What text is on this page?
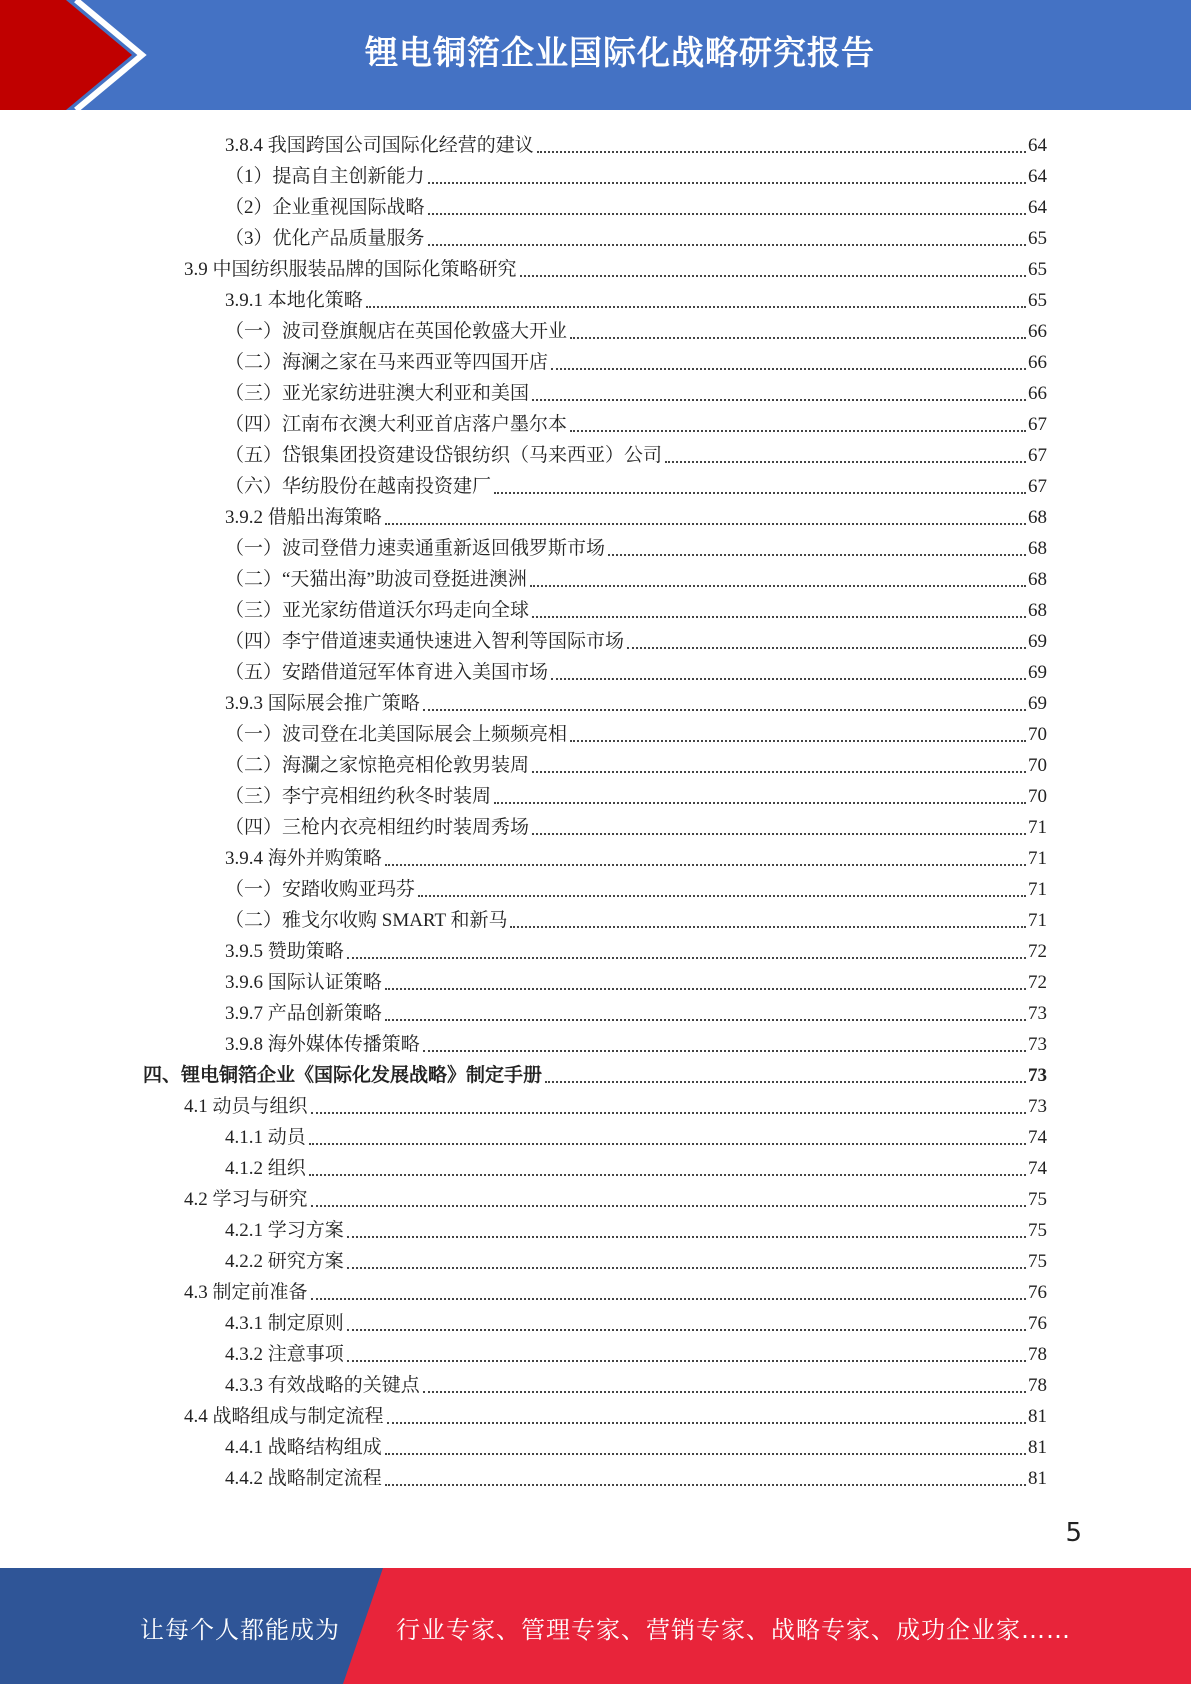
锂电铜箔企业国际化战略研究报告
3.8.4 我国跨国公司国际化经营的建议	64
（1）提高自主创新能力	64
（2）企业重视国际战略	64
（3）优化产品质量服务	65
3.9 中国纺织服装品牌的国际化策略研究	65
3.9.1 本地化策略	65
（一）波司登旗舰店在英国伦敦盛大开业	66
（二）海澜之家在马来西亚等四国开店	66
（三）亚光家纺进驻澳大利亚和美国	66
（四）江南布衣澳大利亚首店落户墨尔本	67
（五）岱银集团投资建设岱银纺织（马来西亚）公司	67
（六）华纺股份在越南投资建厂	67
3.9.2 借船出海策略	68
（一）波司登借力速卖通重新返回俄罗斯市场	68
（二）“天猫出海”助波司登挺进澳洲	68
（三）亚光家纺借道沃尔玛走向全球	68
（四）李宁借道速卖通快速进入智利等国际市场	69
（五）安踏借道冠军体育进入美国市场	69
3.9.3 国际展会推广策略	69
（一）波司登在北美国际展会上频频亮相	70
（二）海瀾之家惊艳亮相伦敦男装周	70
（三）李宁亮相纽约秋冬时装周	70
（四）三枪内衣亮相纽约时装周秀场	71
3.9.4 海外并购策略	71
（一）安踏收购亚玛芬	71
（二）雅戈尔收购 SMART 和新马	71
3.9.5 赞助策略	72
3.9.6 国际认证策略	72
3.9.7 产品创新策略	73
3.9.8 海外媒体传播策略	73
四、锂电铜箔企业《国际化发展战略》制定手册	73
4.1 动员与组织	73
4.1.1 动员	74
4.1.2 组织	74
4.2 学习与研究	75
4.2.1 学习方案	75
4.2.2 研究方案	75
4.3 制定前准备	76
4.3.1 制定原则	76
4.3.2 注意事项	78
4.3.3 有效战略的关键点	78
4.4 战略组成与制定流程	81
4.4.1 战略结构组成	81
4.4.2 战略制定流程	81
5
让每个人都能成为	行业专家、管理专家、营销专家、战略专家、成功企业家……
